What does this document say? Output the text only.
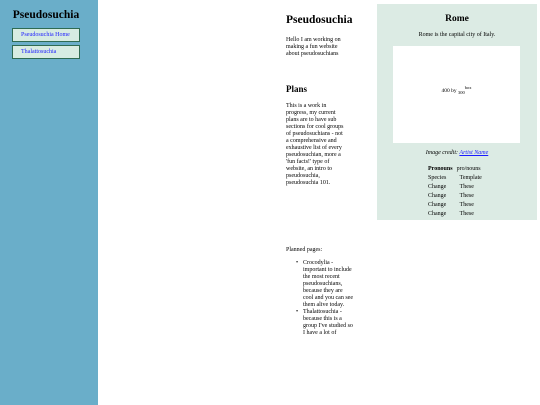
Pseudosuchia
Pseudosuchia Home
Thalattosuchia
Pseudosuchia

Hello I am working on making a fun website about pseudosuchians

Plans

This is a work in progress, my current plans are to have sub sections for cool groups of pseudosuchians - not a comprehensive and exhaustive list of every pseudosuchian, more a 'fun facts!' type of website, an intro to pseudosuchia, pseudosuchia 101.

Planned pages:

• Crocodylia - important to include the most recent pseudosuchians, because they are cool and you can see them alive today.
• Thalattosuchia - because this is a group I've studied so I have a lot of
Rome
Rome is the capital city of Italy.
400 by $_{300}^{box}$
Image credit: Artist Name
Pronouns	pro/nouns
Species	Template
Change	These
Change	These
Change	These
Change	These
